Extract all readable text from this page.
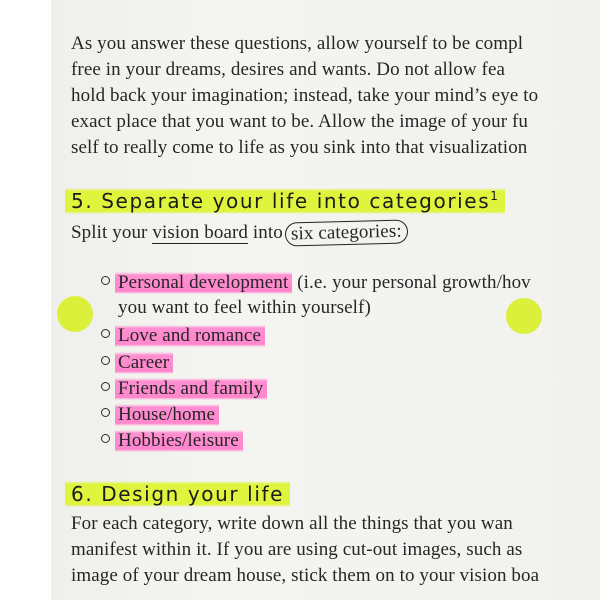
As you answer these questions, allow yourself to be compl
free in your dreams, desires and wants. Do not allow fea
hold back your imagination; instead, take your mind’s eye to
exact place that you want to be. Allow the image of your fu
self to really come to life as you sink into that visualization
5. Separate your life into categories$^1$
Split your vision board into six categories:
Personal development (i.e. your personal growth/hov
you want to feel within yourself)
Love and romance
Career
Friends and family
House/home
Hobbies/leisure
6. Design your life
For each category, write down all the things that you wan
manifest within it. If you are using cut-out images, such as
image of your dream house, stick them on to your vision boa
